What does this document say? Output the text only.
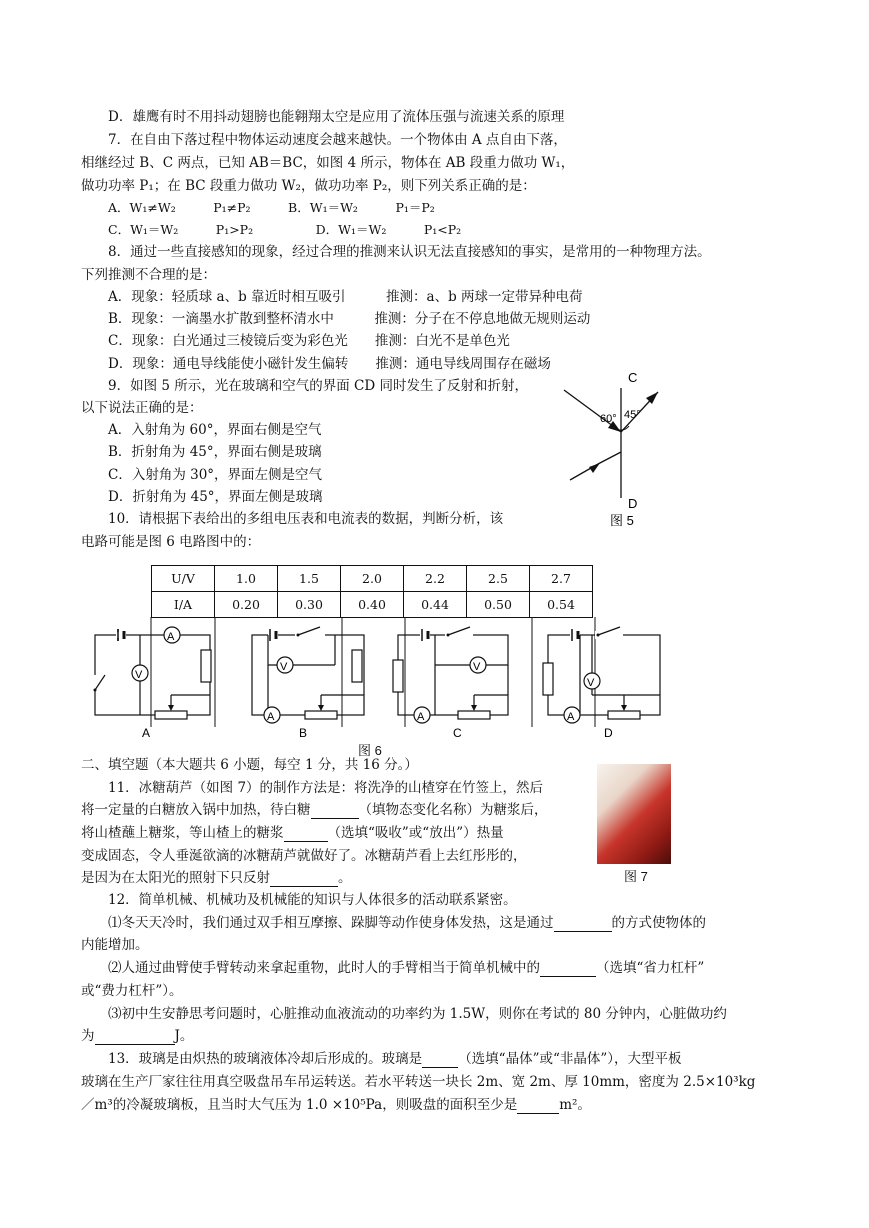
D．雄鹰有时不用抖动翅膀也能翱翔太空是应用了流体压强与流速关系的原理
7．在自由下落过程中物体运动速度会越来越快。一个物体由 A 点自由下落，
相继经过 B、C 两点，已知 AB＝BC，如图 4 所示，物体在 AB 段重力做功 W₁，
做功功率 P₁；在 BC 段重力做功 W₂，做功功率 P₂，则下列关系正确的是：
A．W₁≠W₂　　　P₁≠P₂　　　B．W₁＝W₂　　　P₁＝P₂
C．W₁＝W₂　　　P₁>P₂　　　　　D．W₁＝W₂　　　P₁<P₂
8．通过一些直接感知的现象，经过合理的推测来认识无法直接感知的事实，是常用的一种物理方法。
下列推测不合理的是：
A．现象：轻质球 a、b 靠近时相互吸引　　　推测：a、b 两球一定带异种电荷
B．现象：一滴墨水扩散到整杯清水中　　　推测：分子在不停息地做无规则运动
C．现象：白光通过三棱镜后变为彩色光　　推测：白光不是单色光
D．现象：通电导线能使小磁针发生偏转　　推测：通电导线周围存在磁场
9．如图 5 所示，光在玻璃和空气的界面 CD 同时发生了反射和折射，
以下说法正确的是：
A．入射角为 60°，界面右侧是空气
B．折射角为 45°，界面右侧是玻璃
C．入射角为 30°，界面左侧是空气
D．折射角为 45°，界面左侧是玻璃
C
D
60° 45°
图 5
10．请根据下表给出的多组电压表和电流表的数据，判断分析，该
电路可能是图 6 电路图中的：
U/V	1.0	1.5	2.0	2.2	2.5	2.7
I/A	0.20	0.30	0.40	0.44	0.50	0.54
A
V
A
V
A
B
V
A
C
V
A
D
图 6
二、填空题（本大题共 6 小题，每空 1 分，共 16 分。）
11．冰糖葫芦（如图 7）的制作方法是：将洗净的山楂穿在竹签上，然后
将一定量的白糖放入锅中加热，待白糖	（填物态变化名称）为糖浆后，
将山楂蘸上糖浆，等山楂上的糖浆	（选填“吸收”或“放出”）热量
变成固态，令人垂涎欲滴的冰糖葫芦就做好了。冰糖葫芦看上去红彤彤的，
是因为在太阳光的照射下只反射	。	图 7
12．简单机械、机械功及机械能的知识与人体很多的活动联系紧密。
⑴冬天天冷时，我们通过双手相互摩擦、跺脚等动作使身体发热，这是通过	的方式使物体的
内能增加。
⑵人通过曲臂使手臂转动来拿起重物，此时人的手臂相当于简单机械中的	（选填“省力杠杆”
或“费力杠杆”）。
⑶初中生安静思考问题时，心脏推动血液流动的功率约为 1.5W，则你在考试的 80 分钟内，心脏做功约
为	J。
13．玻璃是由炽热的玻璃液体冷却后形成的。玻璃是	（选填“晶体”或“非晶体”），大型平板
玻璃在生产厂家往往用真空吸盘吊车吊运转送。若水平转送一块长 2m、宽 2m、厚 10mm，密度为 2.5×10³kg
／m³的冷凝玻璃板，且当时大气压为 1.0 ×10⁵Pa，则吸盘的面积至少是	m²。
